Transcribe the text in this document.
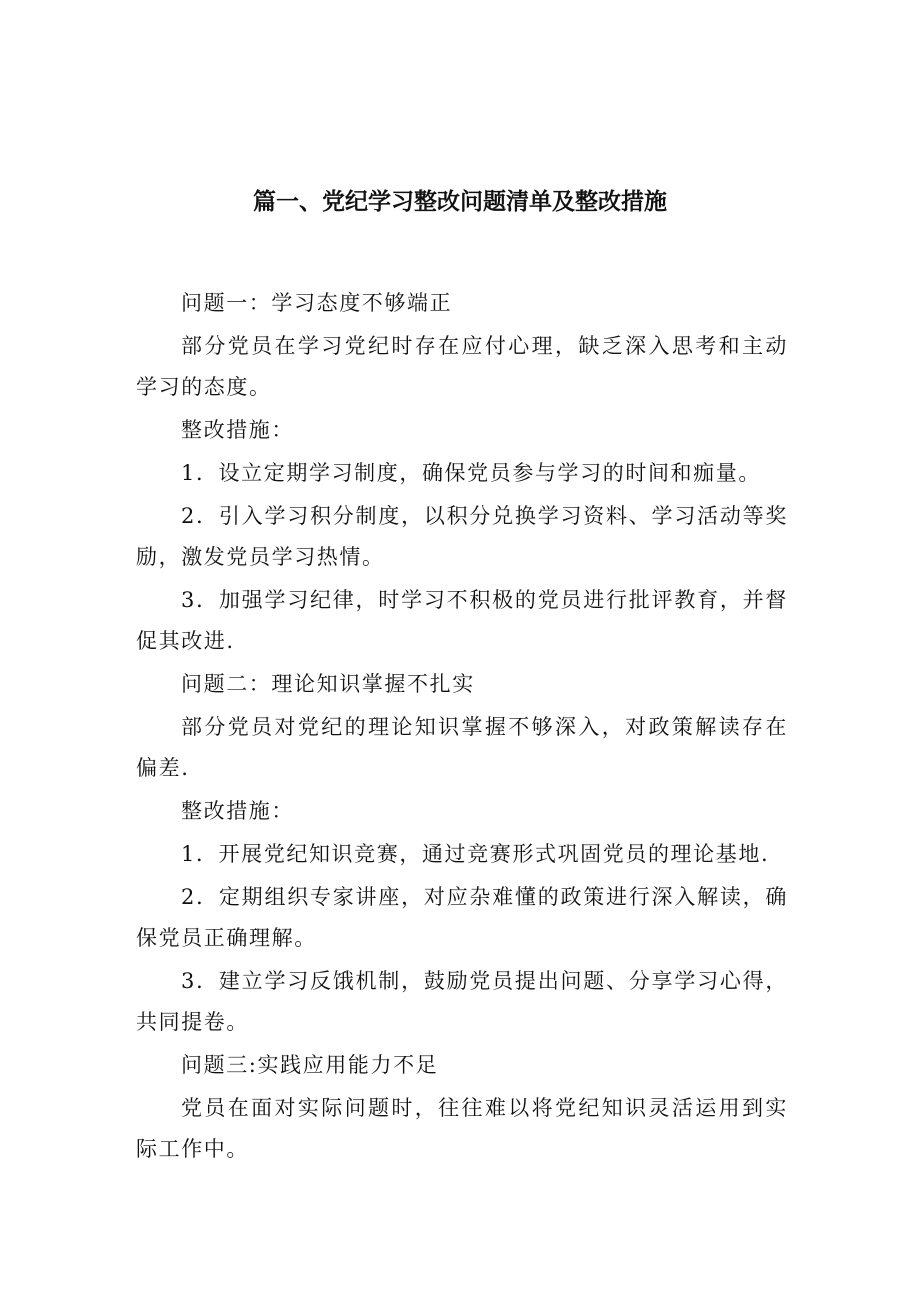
篇一、党纪学习整改问题清单及整改措施

问题一：学习态度不够端正

部分党员在学习党纪时存在应付心理，缺乏深入思考和主动学习的态度。

整改措施：

1．设立定期学习制度，确保党员参与学习的时间和痂量。

2．引入学习积分制度，以积分兑换学习资料、学习活动等奖励，激发党员学习热情。

3．加强学习纪律，时学习不积极的党员进行批评教育，并督促其改进.

问题二：理论知识掌握不扎实

部分党员对党纪的理论知识掌握不够深入，对政策解读存在偏差.

整改措施：

1．开展党纪知识竞赛，通过竞赛形式巩固党员的理论基地.

2．定期组织专家讲座，对应杂难懂的政策进行深入解读，确保党员正确理解。

3．建立学习反饿机制，鼓励党员提出问题、分享学习心得，共同提卷。

问题三:实践应用能力不足

党员在面对实际问题时，往往难以将党纪知识灵活运用到实际工作中。
